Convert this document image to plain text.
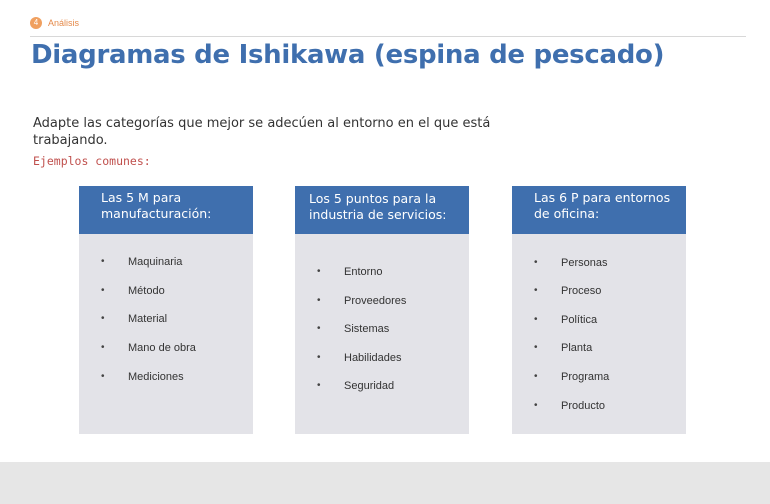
4	Análisis
Diagramas de Ishikawa (espina de pescado)

Adapte las categorías que mejor se adecúen al entorno en el que está trabajando.

Ejemplos comunes:

Las 5 M para manufacturación:
• Maquinaria
• Método
• Material
• Mano de obra
• Mediciones
Los 5 puntos para la industria de servicios:
• Entorno
• Proveedores
• Sistemas
• Habilidades
• Seguridad
Las 6 P para entornos de oficina:
• Personas
• Proceso
• Política
• Planta
• Programa
• Producto
